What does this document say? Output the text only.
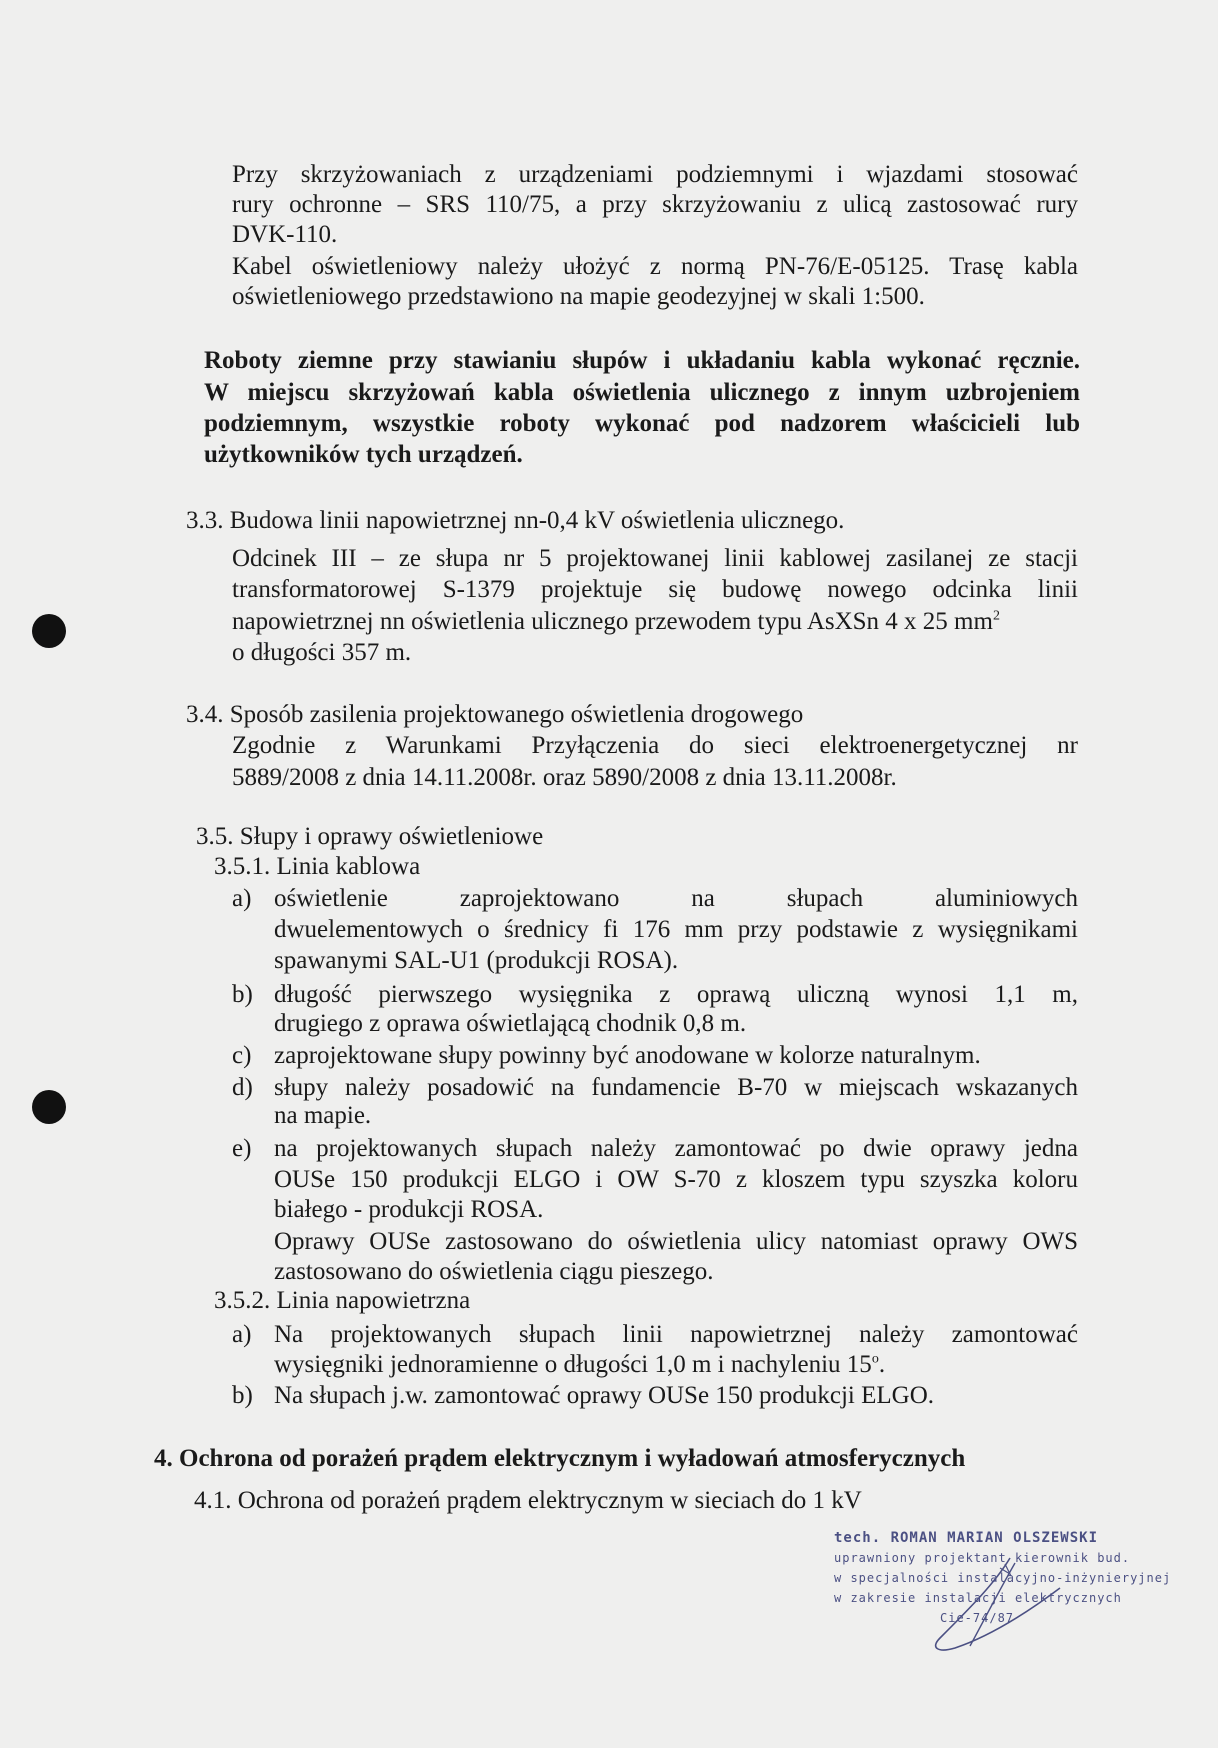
Przy skrzyżowaniach z urządzeniami podziemnymi i wjazdami stosować
rury ochronne – SRS 110/75, a przy skrzyżowaniu z ulicą zastosować rury
DVK-110.
Kabel oświetleniowy należy ułożyć z normą PN-76/E-05125. Trasę kabla
oświetleniowego przedstawiono na mapie geodezyjnej w skali 1:500.
Roboty ziemne przy stawianiu słupów i układaniu kabla wykonać ręcznie.
W miejscu skrzyżowań kabla oświetlenia ulicznego z innym uzbrojeniem
podziemnym, wszystkie roboty wykonać pod nadzorem właścicieli lub
użytkowników tych urządzeń.
3.3. Budowa linii napowietrznej nn-0,4 kV oświetlenia ulicznego.
Odcinek III – ze słupa nr 5 projektowanej linii kablowej zasilanej ze stacji
transformatorowej S-1379 projektuje się budowę nowego odcinka linii
napowietrznej nn oświetlenia ulicznego przewodem typu AsXSn 4 x 25 $mm^2$
o długości 357 m.
3.4. Sposób zasilenia projektowanego oświetlenia drogowego
Zgodnie z Warunkami Przyłączenia do sieci elektroenergetycznej nr
5889/2008 z dnia 14.11.2008r. oraz 5890/2008 z dnia 13.11.2008r.
3.5. Słupy i oprawy oświetleniowe
3.5.1. Linia kablowa
a) oświetlenie zaprojektowano na słupach aluminiowych
dwuelementowych o średnicy fi 176 mm przy podstawie z wysięgnikami
spawanymi SAL-U1 (produkcji ROSA).
b) długość pierwszego wysięgnika z oprawą uliczną wynosi 1,1 m,
drugiego z oprawa oświetlającą chodnik 0,8 m.
c) zaprojektowane słupy powinny być anodowane w kolorze naturalnym.
d) słupy należy posadowić na fundamencie B-70 w miejscach wskazanych
na mapie.
e) na projektowanych słupach należy zamontować po dwie oprawy jedna
OUSe 150 produkcji ELGO i OW S-70 z kloszem typu szyszka koloru
białego - produkcji ROSA.
Oprawy OUSe zastosowano do oświetlenia ulicy natomiast oprawy OWS
zastosowano do oświetlenia ciągu pieszego.
3.5.2. Linia napowietrzna
a) Na projektowanych słupach linii napowietrznej należy zamontować
wysięgniki jednoramienne o długości 1,0 m i nachyleniu 15$^o$.
b) Na słupach j.w. zamontować oprawy OUSe 150 produkcji ELGO.
4. Ochrona od porażeń prądem elektrycznym i wyładowań atmosferycznych
4.1. Ochrona od porażeń prądem elektrycznym w sieciach do 1 kV
tech. ROMAN MARIAN OLSZEWSKI
uprawniony projektant kierownik bud.
w specjalności instalacyjno-inżynieryjnej
w zakresie instalacji elektrycznych
Cie-74/87
